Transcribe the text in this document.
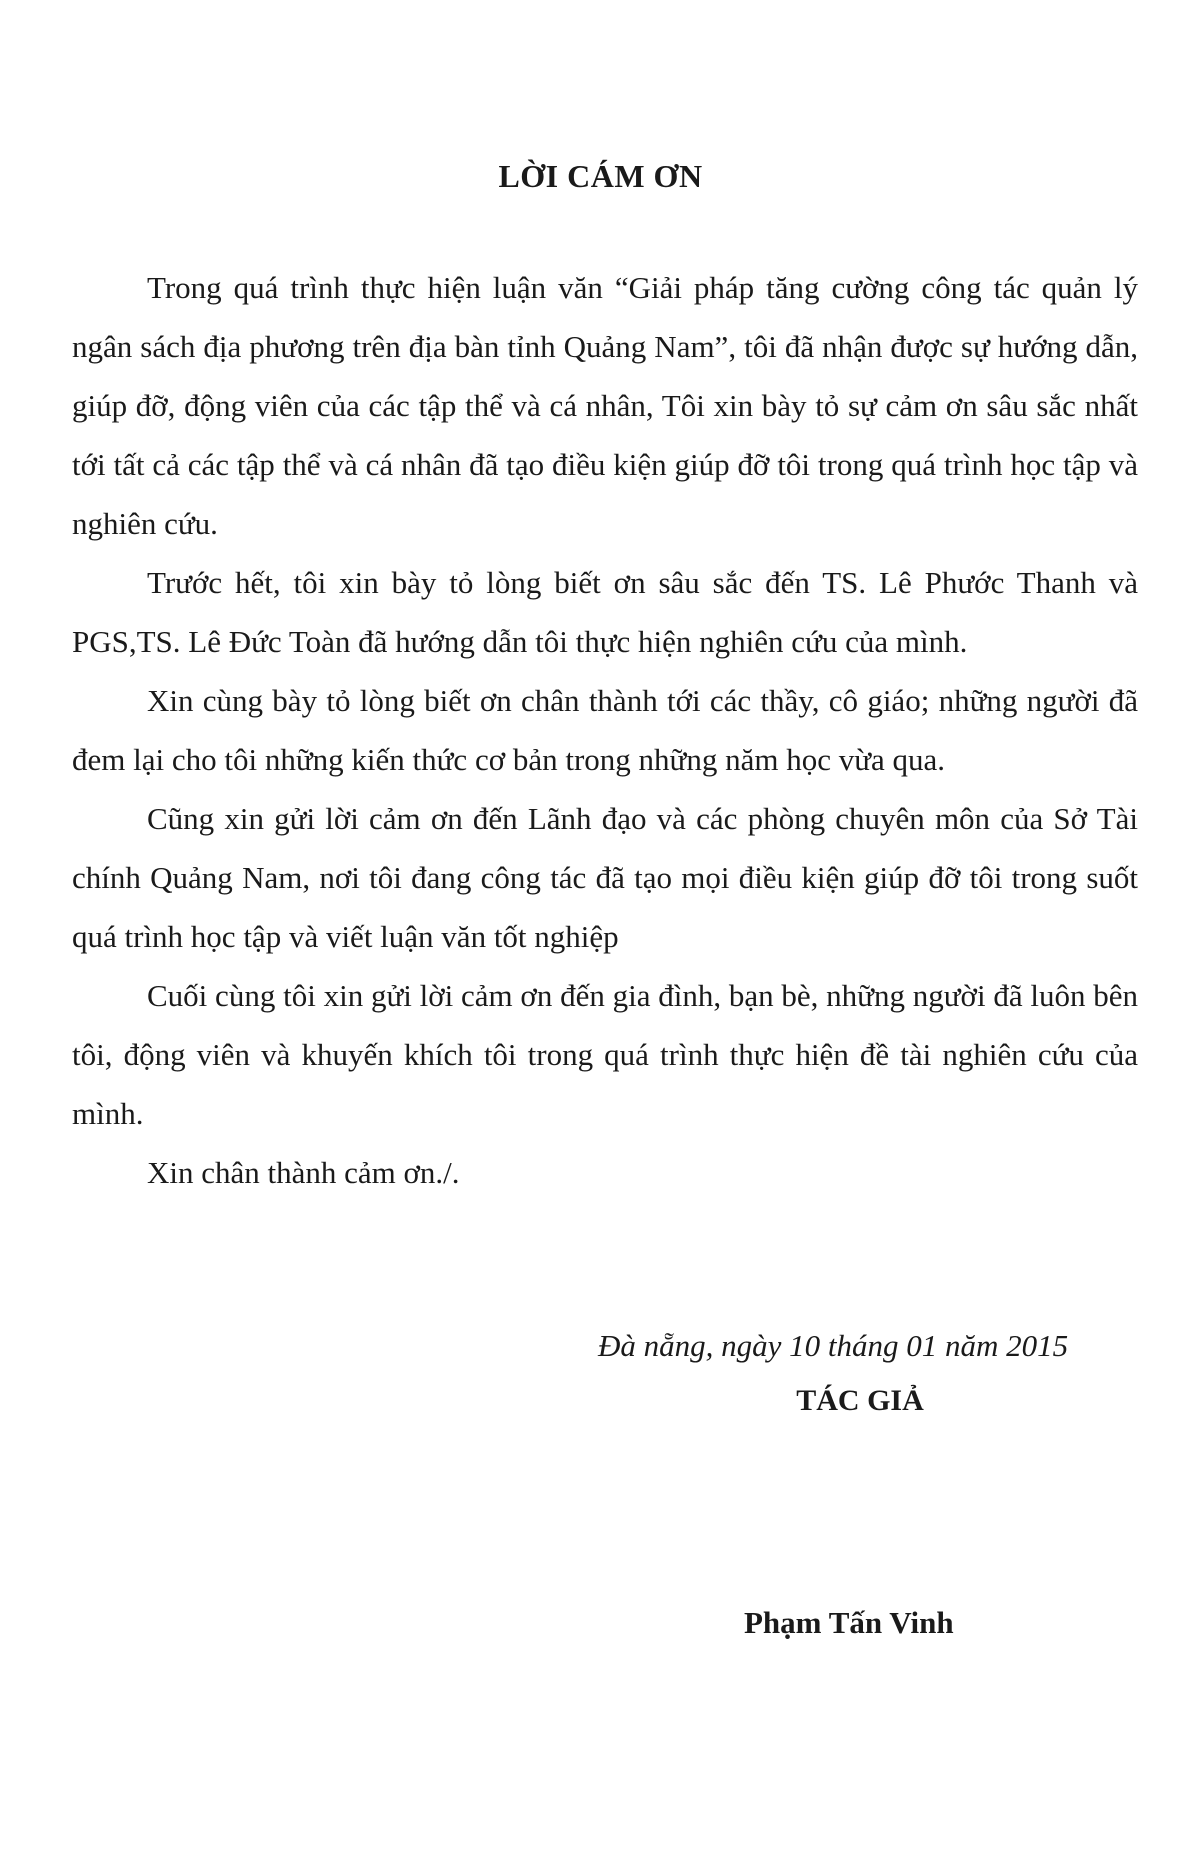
LỜI CÁM ƠN

Trong quá trình thực hiện luận văn “Giải pháp tăng cường công tác quản lý ngân sách địa phương trên địa bàn tỉnh Quảng Nam”, tôi đã nhận được sự hướng dẫn, giúp đỡ, động viên của các tập thể và cá nhân, Tôi xin bày tỏ sự cảm ơn sâu sắc nhất tới tất cả các tập thể và cá nhân đã tạo điều kiện giúp đỡ tôi trong quá trình học tập và nghiên cứu.

Trước hết, tôi xin bày tỏ lòng biết ơn sâu sắc đến TS. Lê Phước Thanh và PGS,TS. Lê Đức Toàn đã hướng dẫn tôi thực hiện nghiên cứu của mình.

Xin cùng bày tỏ lòng biết ơn chân thành tới các thầy, cô giáo; những người đã đem lại cho tôi những kiến thức cơ bản trong những năm học vừa qua.

Cũng xin gửi lời cảm ơn đến Lãnh đạo và các phòng chuyên môn của Sở Tài chính Quảng Nam, nơi tôi đang công tác đã tạo mọi điều kiện giúp đỡ tôi trong suốt quá trình học tập và viết luận văn tốt nghiệp

Cuối cùng tôi xin gửi lời cảm ơn đến gia đình, bạn bè, những người đã luôn bên tôi, động viên và khuyến khích tôi trong quá trình thực hiện đề tài nghiên cứu của mình.

Xin chân thành cảm ơn./.

Đà nẵng, ngày 10 tháng 01 năm 2015
TÁC GIẢ
Phạm Tấn Vinh
